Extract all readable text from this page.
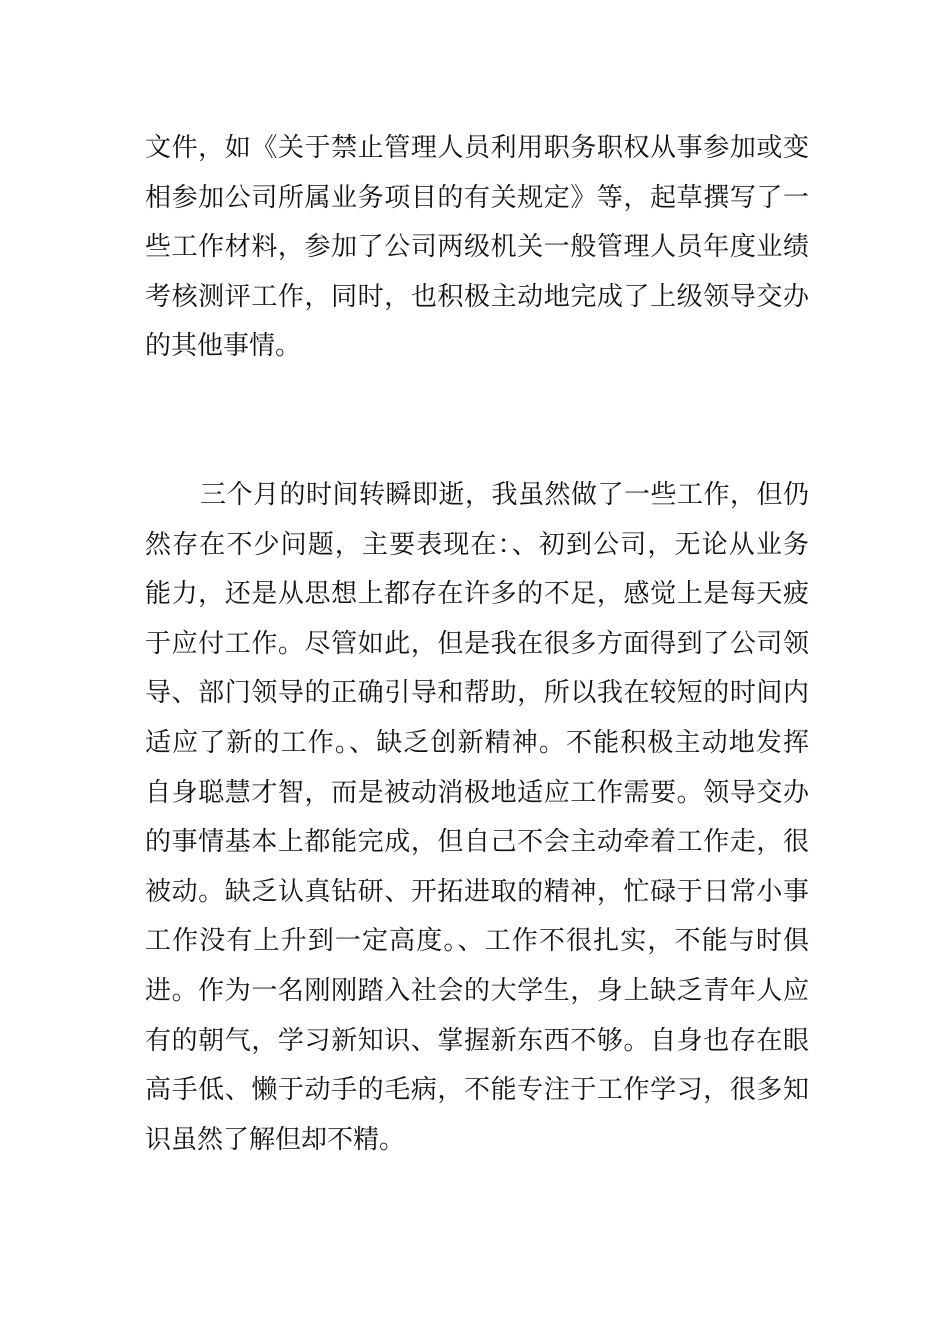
文件，如《关于禁止管理人员利用职务职权从事参加或变
相参加公司所属业务项目的有关规定》等，起草撰写了一
些工作材料，参加了公司两级机关一般管理人员年度业绩
考核测评工作，同时，也积极主动地完成了上级领导交办
的其他事情。
三个月的时间转瞬即逝，我虽然做了一些工作，但仍
然存在不少问题，主要表现在：、初到公司，无论从业务
能力，还是从思想上都存在许多的不足，感觉上是每天疲
于应付工作。尽管如此，但是我在很多方面得到了公司领
导、部门领导的正确引导和帮助，所以我在较短的时间内
适应了新的工作。、缺乏创新精神。不能积极主动地发挥
自身聪慧才智，而是被动消极地适应工作需要。领导交办
的事情基本上都能完成，但自己不会主动牵着工作走，很
被动。缺乏认真钻研、开拓进取的精神，忙碌于日常小事
工作没有上升到一定高度。、工作不很扎实，不能与时俱
进。作为一名刚刚踏入社会的大学生，身上缺乏青年人应
有的朝气，学习新知识、掌握新东西不够。自身也存在眼
高手低、懒于动手的毛病，不能专注于工作学习，很多知
识虽然了解但却不精。
